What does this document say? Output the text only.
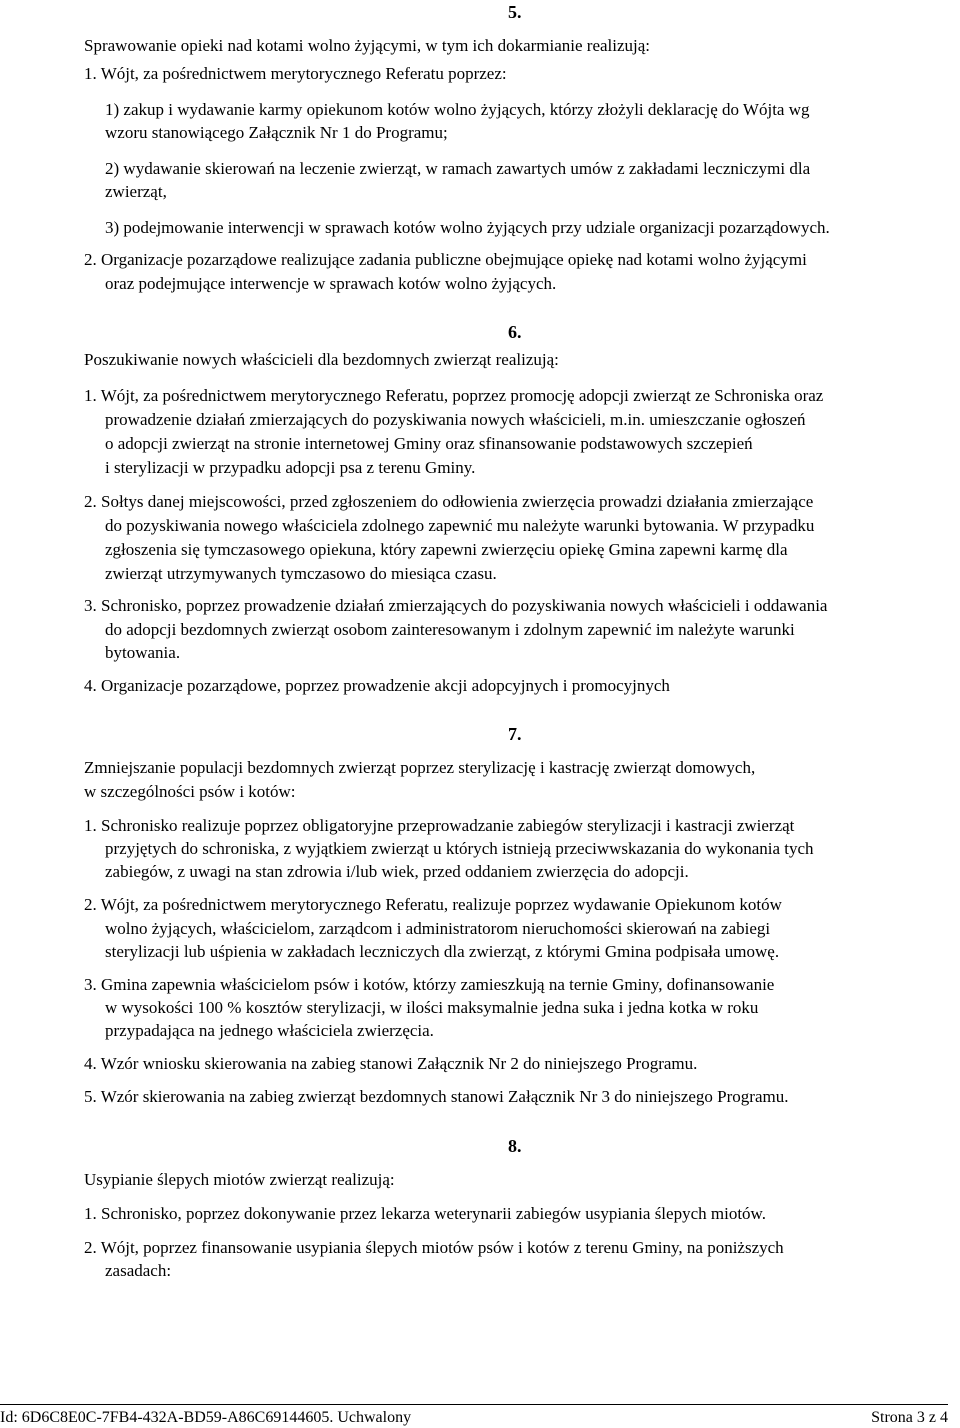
5.
Sprawowanie opieki nad kotami wolno żyjącymi, w tym ich dokarmianie realizują:
1. Wójt, za pośrednictwem merytorycznego Referatu poprzez:
1) zakup i wydawanie karmy opiekunom kotów wolno żyjących, którzy złożyli deklarację do Wójta wg
wzoru stanowiącego Załącznik Nr 1 do Programu;
2) wydawanie skierowań na leczenie zwierząt, w ramach zawartych umów z zakładami leczniczymi dla
zwierząt,
3) podejmowanie interwencji w sprawach kotów wolno żyjących przy udziale organizacji pozarządowych.
2. Organizacje pozarządowe realizujące zadania publiczne obejmujące opiekę nad kotami wolno żyjącymi
oraz podejmujące interwencje w sprawach kotów wolno żyjących.
6.
Poszukiwanie nowych właścicieli dla bezdomnych zwierząt realizują:
1. Wójt, za pośrednictwem merytorycznego Referatu, poprzez promocję adopcji zwierząt ze Schroniska oraz
prowadzenie działań zmierzających do pozyskiwania nowych właścicieli, m.in. umieszczanie ogłoszeń
o adopcji zwierząt na stronie internetowej Gminy oraz sfinansowanie podstawowych szczepień
i sterylizacji w przypadku adopcji psa z terenu Gminy.
2. Sołtys danej miejscowości, przed zgłoszeniem do odłowienia zwierzęcia prowadzi działania zmierzające
do pozyskiwania nowego właściciela zdolnego zapewnić mu należyte warunki bytowania. W przypadku
zgłoszenia się tymczasowego opiekuna, który zapewni zwierzęciu opiekę Gmina zapewni karmę dla
zwierząt utrzymywanych tymczasowo do miesiąca czasu.
3. Schronisko, poprzez prowadzenie działań zmierzających do pozyskiwania nowych właścicieli i oddawania
do adopcji bezdomnych zwierząt osobom zainteresowanym i zdolnym zapewnić im należyte warunki
bytowania.
4. Organizacje pozarządowe, poprzez prowadzenie akcji adopcyjnych i promocyjnych
7.
Zmniejszanie populacji bezdomnych zwierząt poprzez sterylizację i kastrację zwierząt domowych,
w szczególności psów i kotów:
1. Schronisko realizuje poprzez obligatoryjne przeprowadzanie zabiegów sterylizacji i kastracji zwierząt
przyjętych do schroniska, z wyjątkiem zwierząt u których istnieją przeciwwskazania do wykonania tych
zabiegów, z uwagi na stan zdrowia i/lub wiek, przed oddaniem zwierzęcia do adopcji.
2. Wójt, za pośrednictwem merytorycznego Referatu, realizuje poprzez wydawanie Opiekunom kotów
wolno żyjących, właścicielom, zarządcom i administratorom nieruchomości skierowań na zabiegi
sterylizacji lub uśpienia w zakładach leczniczych dla zwierząt, z którymi Gmina podpisała umowę.
3. Gmina zapewnia właścicielom psów i kotów, którzy zamieszkują na ternie Gminy, dofinansowanie
w wysokości 100 % kosztów sterylizacji, w ilości maksymalnie jedna suka i jedna kotka w roku
przypadająca na jednego właściciela zwierzęcia.
4. Wzór wniosku skierowania na zabieg stanowi Załącznik Nr 2 do niniejszego Programu.
5. Wzór skierowania na zabieg zwierząt bezdomnych stanowi Załącznik Nr 3 do niniejszego Programu.
8.
Usypianie ślepych miotów zwierząt realizują:
1. Schronisko, poprzez dokonywanie przez lekarza weterynarii zabiegów usypiania ślepych miotów.
2. Wójt, poprzez finansowanie usypiania ślepych miotów psów i kotów z terenu Gminy, na poniższych
zasadach:
Id: 6D6C8E0C-7FB4-432A-BD59-A86C69144605. Uchwalony	Strona 3 z 4
